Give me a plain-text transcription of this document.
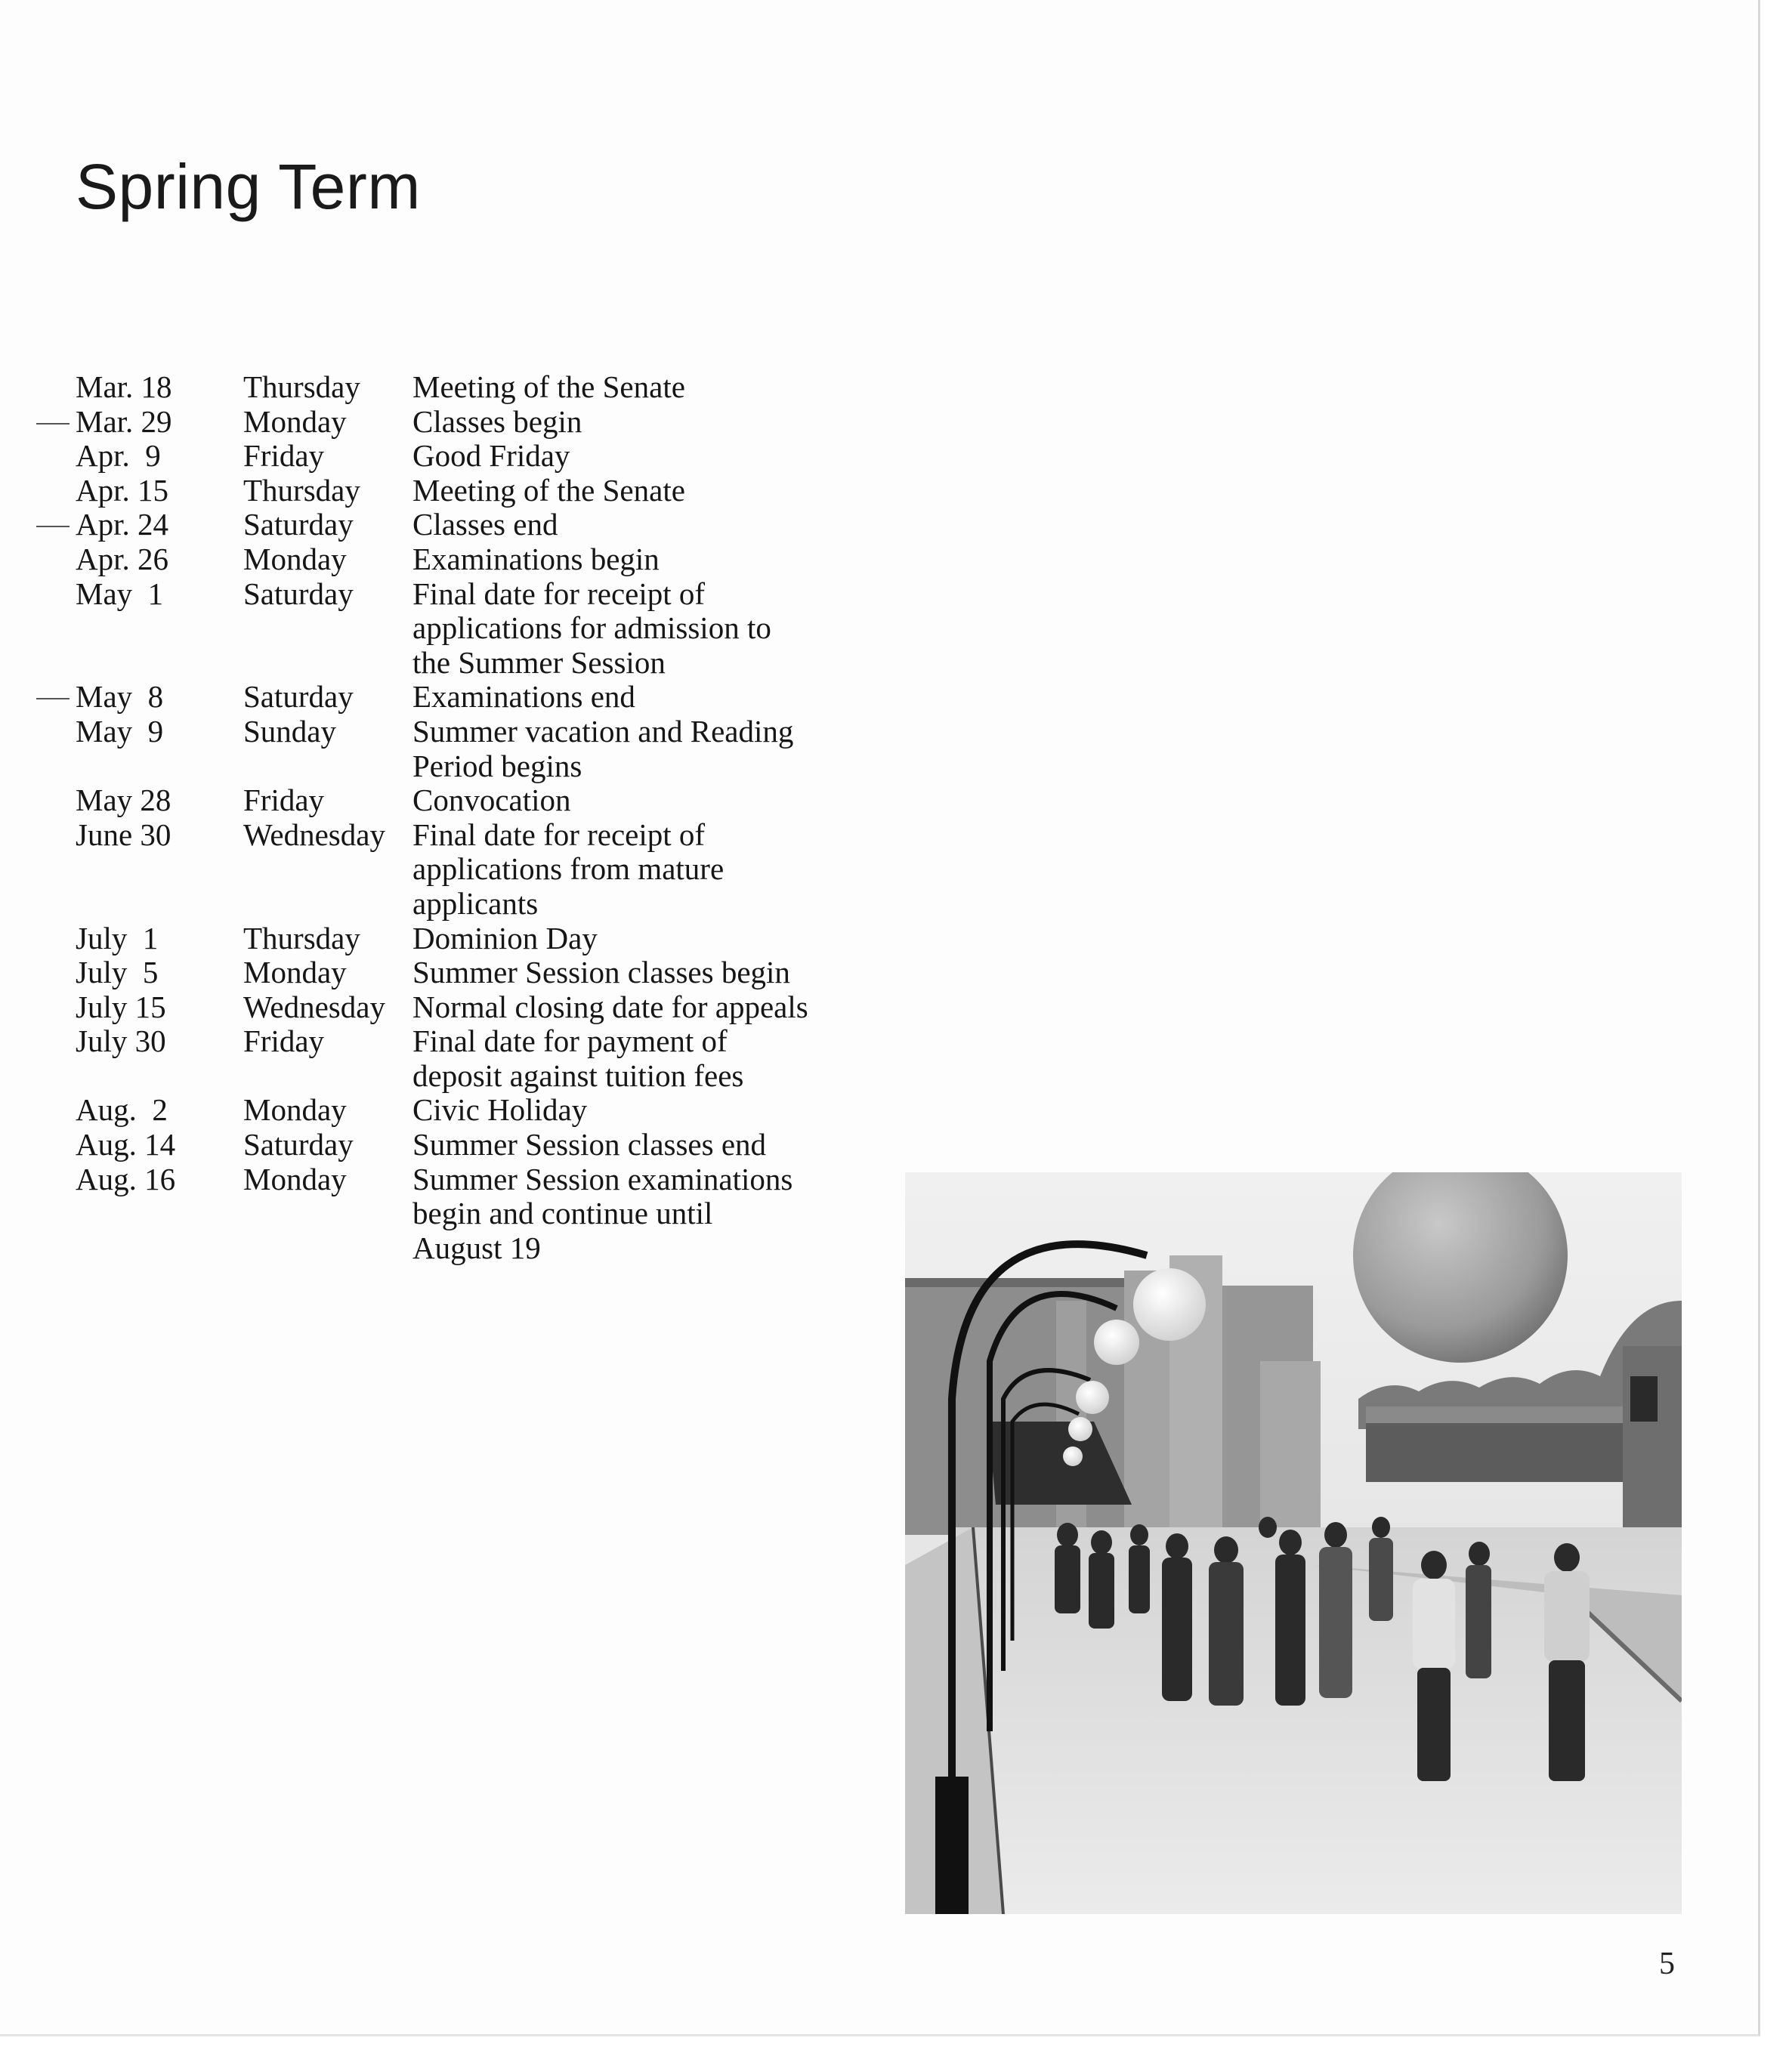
Spring Term
Mar. 18	Thursday	Meeting of the Senate
Mar. 29	Monday	Classes begin
Apr.  9	Friday	Good Friday
Apr. 15	Thursday	Meeting of the Senate
Apr. 24	Saturday	Classes end
Apr. 26	Monday	Examinations begin
May  1	Saturday	Final date for receipt of
applications for admission to
the Summer Session
May  8	Saturday	Examinations end
May  9	Sunday	Summer vacation and Reading
Period begins
May 28	Friday	Convocation
June 30	Wednesday Final date for receipt of
applications from mature
applicants
July  1	Thursday	Dominion Day
July  5	Monday	Summer Session classes begin
July 15	Wednesday Normal closing date for appeals
July 30	Friday	Final date for payment of
deposit against tuition fees
Aug.  2	Monday	Civic Holiday
Aug. 14	Saturday	Summer Session classes end
Aug. 16	Monday	Summer Session examinations
begin and continue until
August 19
5
